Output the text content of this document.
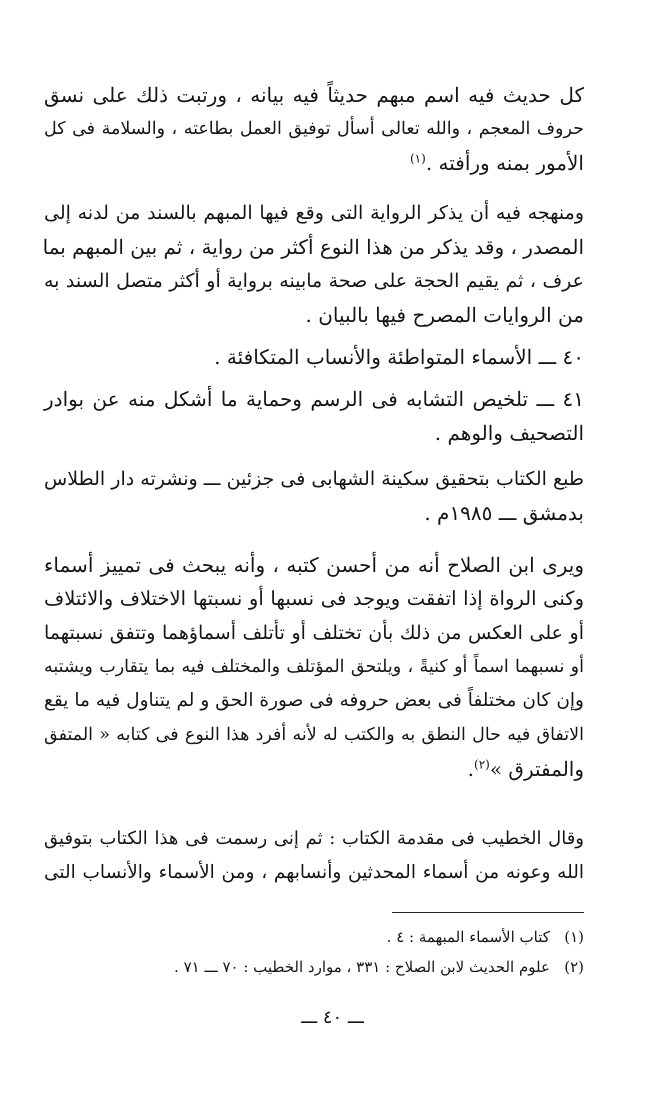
كل حديث فيه اسم مبهم حديثاً فيه بيانه ، ورتبت ذلك على نسق
حروف المعجم ، والله تعالى أسأل توفيق العمل بطاعته ، والسلامة فى كل
الأمور بمنه ورأفته .$^{(١)}$
ومنهجه فيه أن يذكر الرواية التى وقع فيها المبهم بالسند من لدنه إلى
المصدر ، وقد يذكر من هذا النوع أكثر من رواية ، ثم بين المبهم بما
عرف ، ثم يقيم الحجة على صحة مابينه برواية أو أكثر متصل السند به
من الروايات المصرح فيها بالبيان .
٤٠ ـــ الأسماء المتواطئة والأنساب المتكافئة .
٤١ ـــ تلخيص التشابه فى الرسم وحماية ما أشكل منه عن بوادر
التصحيف والوهم .
طبع الكتاب بتحقيق سكينة الشهابى فى جزئين ـــ ونشرته دار الطلاس
بدمشق ـــ ١٩٨٥م .
ويرى ابن الصلاح أنه من أحسن كتبه ، وأنه يبحث فى تمييز أسماء
وكنى الرواة إذا اتفقت ويوجد فى نسبها أو نسبتها الاختلاف والائتلاف
أو على العكس من ذلك بأن تختلف أو تأتلف أسماؤهما وتتفق نسبتهما
أو نسبهما اسماً أو كنيةً ، ويلتحق المؤتلف والمختلف فيه بما يتقارب ويشتبه
وإن كان مختلفاً فى بعض حروفه فى صورة الحق و لم يتناول فيه ما يقع
الاتفاق فيه حال النطق به والكتب له لأنه أفرد هذا النوع فى كتابه « المتفق
والمفترق »$^{(٢)}$.
وقال الخطيب فى مقدمة الكتاب : ثم إنى رسمت فى هذا الكتاب بتوفيق
الله وعونه من أسماء المحدثين وأنسابهم ، ومن الأسماء والأنساب التى
(١)   كتاب الأسماء المبهمة : ٤ .
(٢)   علوم الحديث لابن الصلاح : ٣٣١ ، موارد الخطيب : ٧٠ ـــ ٧١ .
ـــ ٤٠ ـــ
